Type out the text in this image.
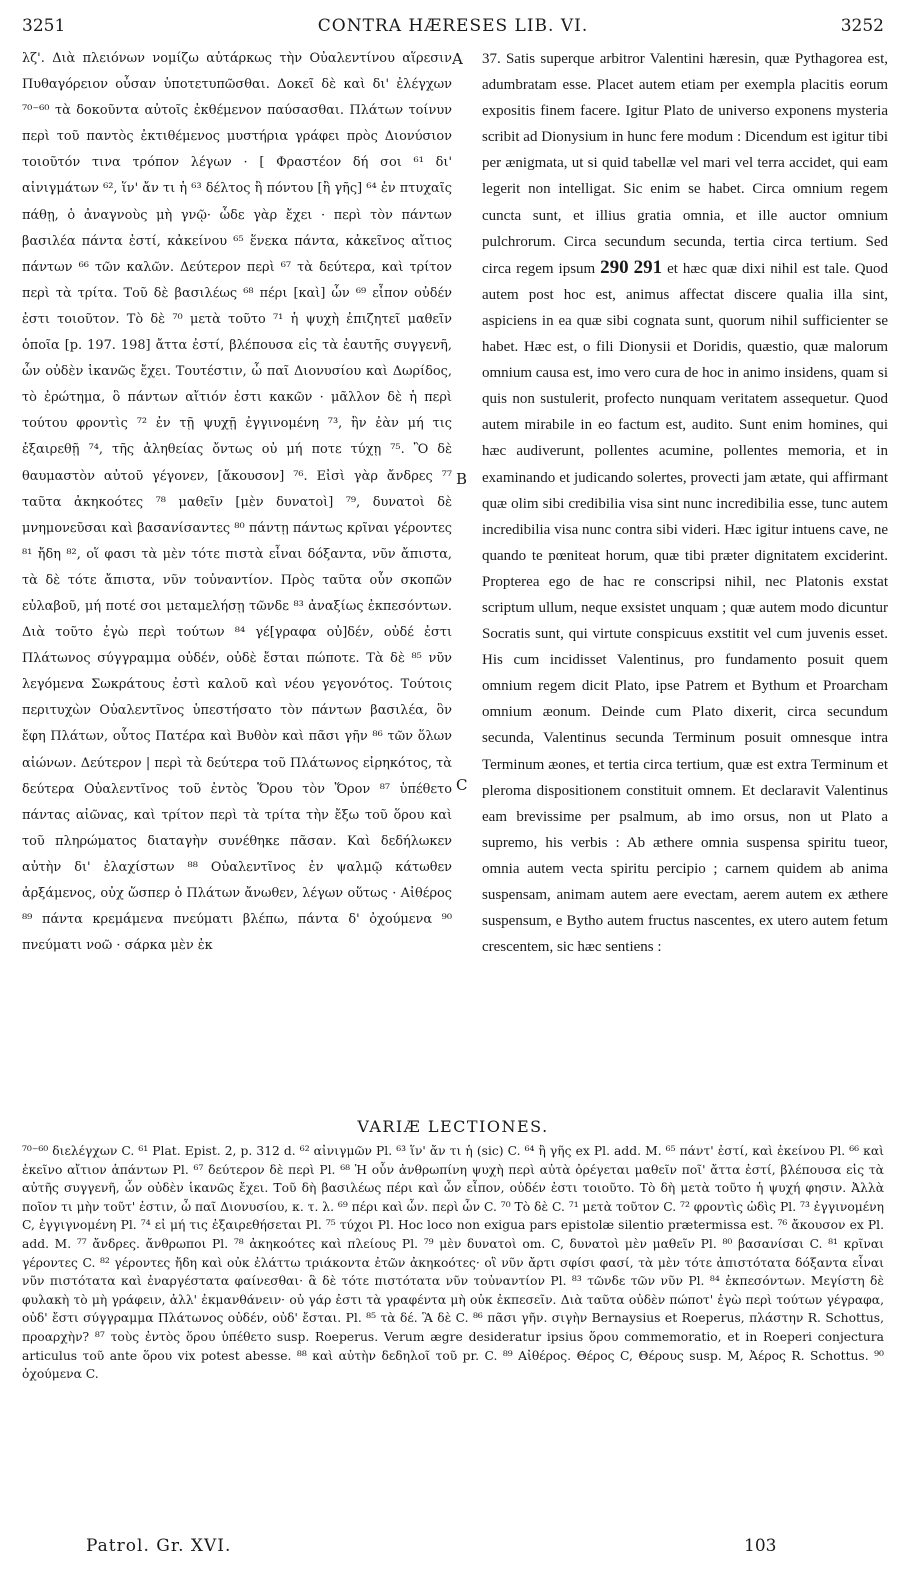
3251	CONTRA HÆRESES LIB. VI.	3252

λζ'. Διὰ πλειόνων νομίζω αὐτάρκως τὴν Οὐαλεντίνου αἵρεσιν Πυθαγόρειον οὖσαν ὑποτετυπῶσθαι. Δοκεῖ δὲ καὶ δι' ἐλέγχων ⁷⁰⁻⁶⁰ τὰ δοκοῦντα αὐτοῖς ἐκθέμενον παύσασθαι. Πλάτων τοίνυν περὶ τοῦ παντὸς ἐκτιθέμενος μυστήρια γράφει πρὸς Διονύσιον τοιοῦτόν τινα τρόπον λέγων · [ Φραστέον δή σοι ⁶¹ δι' αἰνιγμάτων ⁶², ἵν' ἄν τι ἡ ⁶³ δέλτος ἢ πόντου [ἢ γῆς] ⁶⁴ ἐν πτυχαῖς πάθῃ, ὁ ἀναγνοὺς μὴ γνῷ· ὧδε γὰρ ἔχει · περὶ τὸν πάντων βασιλέα πάντα ἐστί, κἀκείνου ⁶⁵ ἕνεκα πάντα, κἀκεῖνος αἴτιος πάντων ⁶⁶ τῶν καλῶν. Δεύτερον περὶ ⁶⁷ τὰ δεύτερα, καὶ τρίτον περὶ τὰ τρίτα. Τοῦ δὲ βασιλέως ⁶⁸ πέρι [καὶ] ὧν ⁶⁹ εἶπον οὐδέν ἐστι τοιοῦτον. Τὸ δὲ ⁷⁰ μετὰ τοῦτο ⁷¹ ἡ ψυχὴ ἐπιζητεῖ μαθεῖν ὁποῖα [p. 197. 198] ἄττα ἐστί, βλέπουσα εἰς τὰ ἑαυτῆς συγγενῆ, ὧν οὐδὲν ἱκανῶς ἔχει. Τουτέστιν, ὦ παῖ Διονυσίου καὶ Δωρίδος, τὸ ἐρώτημα, ὃ πάντων αἴτιόν ἐστι κακῶν · μᾶλλον δὲ ἡ περὶ τούτου φροντὶς ⁷² ἐν τῇ ψυχῇ ἐγγινομένη ⁷³, ἣν ἐὰν μή τις ἐξαιρεθῇ ⁷⁴, τῆς ἀληθείας ὄντως οὐ μή ποτε τύχῃ ⁷⁵. Ὃ δὲ θαυμαστὸν αὐτοῦ γέγονεν, [ἄκουσον] ⁷⁶. Εἰσὶ γὰρ ἄνδρες ⁷⁷ ταῦτα ἀκηκοότες ⁷⁸ μαθεῖν [μὲν δυνατοὶ] ⁷⁹, δυνατοὶ δὲ μνημονεῦσαι καὶ βασανίσαντες ⁸⁰ πάντῃ πάντως κρῖναι γέροντες ⁸¹ ἤδη ⁸², οἵ φασι τὰ μὲν τότε πιστὰ εἶναι δόξαντα, νῦν ἄπιστα, τὰ δὲ τότε ἄπιστα, νῦν τοὐναντίον. Πρὸς ταῦτα οὖν σκοπῶν εὐλαβοῦ, μή ποτέ σοι μεταμελήσῃ τῶνδε ⁸³ ἀναξίως ἐκπεσόντων. Διὰ τοῦτο ἐγὼ περὶ τούτων ⁸⁴ γέ[γραφα οὐ]δέν, οὐδέ ἐστι Πλάτωνος σύγγραμμα οὐδέν, οὐδὲ ἔσται πώποτε. Τὰ δὲ ⁸⁵ νῦν λεγόμενα Σωκράτους ἐστὶ καλοῦ καὶ νέου γεγονότος. Τούτοις περιτυχὼν Οὐαλεντῖνος ὑπεστήσατο τὸν πάντων βασιλέα, ὃν ἔφη Πλάτων, οὗτος Πατέρα καὶ Βυθὸν καὶ πᾶσι γῆν ⁸⁶ τῶν ὅλων αἰώνων. Δεύτερον | περὶ τὰ δεύτερα τοῦ Πλάτωνος εἰρηκότος, τὰ δεύτερα Οὐαλεντῖνος τοῦ ἐντὸς Ὅρου τὸν Ὅρον ⁸⁷ ὑπέθετο πάντας αἰῶνας, καὶ τρίτον περὶ τὰ τρίτα τὴν ἔξω τοῦ ὅρου καὶ τοῦ πληρώματος διαταγὴν συνέθηκε πᾶσαν. Καὶ δεδήλωκεν αὐτὴν δι' ἐλαχίστων ⁸⁸ Οὐαλεντῖνος ἐν ψαλμῷ κάτωθεν ἀρξάμενος, οὐχ ὥσπερ ὁ Πλάτων ἄνωθεν, λέγων οὕτως · Αἰθέρος ⁸⁹ πάντα κρεμάμενα πνεύματι βλέπω, πάντα δ' ὀχούμενα ⁹⁰ πνεύματι νοῶ · σάρκα μὲν ἐκ

A
B
C

37. Satis superque arbitror Valentini hæresin, quæ Pythagorea est, adumbratam esse. Placet autem etiam per exempla placitis eorum expositis finem facere. Igitur Plato de universo exponens mysteria scribit ad Dionysium in hunc fere modum : Dicendum est igitur tibi per ænigmata, ut si quid tabellæ vel mari vel terra accidet, qui eam legerit non intelligat. Sic enim se habet. Circa omnium regem cuncta sunt, et illius gratia omnia, et ille auctor omnium pulchrorum. Circa secundum secunda, tertia circa tertium. Sed circa regem ipsum 290 291 et hæc quæ dixi nihil est tale. Quod autem post hoc est, animus affectat discere qualia illa sint, aspiciens in ea quæ sibi cognata sunt, quorum nihil sufficienter se habet. Hæc est, o fili Dionysii et Doridis, quæstio, quæ malorum omnium causa est, imo vero cura de hoc in animo insidens, quam si quis non sustulerit, profecto nunquam veritatem assequetur. Quod autem mirabile in eo factum est, audito. Sunt enim homines, qui hæc audiverunt, pollentes acumine, pollentes memoria, et in examinando et judicando solertes, provecti jam ætate, qui affirmant quæ olim sibi credibilia visa sint nunc incredibilia esse, tunc autem incredibilia visa nunc contra sibi videri. Hæc igitur intuens cave, ne quando te pœniteat horum, quæ tibi præter dignitatem exciderint. Propterea ego de hac re conscripsi nihil, nec Platonis exstat scriptum ullum, neque exsistet unquam ; quæ autem modo dicuntur Socratis sunt, qui virtute conspicuus exstitit vel cum juvenis esset. His cum incidisset Valentinus, pro fundamento posuit quem omnium regem dicit Plato, ipse Patrem et Bythum et Proarcham omnium æonum. Deinde cum Plato dixerit, circa secundum secunda, Valentinus secunda Terminum posuit omnesque intra Terminum æones, et tertia circa tertium, quæ est extra Terminum et pleroma dispositionem constituit omnem. Et declaravit Valentinus eam brevissime per psalmum, ab imo orsus, non ut Plato a supremo, his verbis : Ab æthere omnia suspensa spiritu tueor, omnia autem vecta spiritu percipio ; carnem quidem ab anima suspensam, animam autem aere evectam, aerem autem ex æthere suspensum, e Bytho autem fructus nascentes, ex utero autem fetum crescentem, sic hæc sentiens :

VARIÆ LECTIONES.

⁷⁰⁻⁶⁰ διελέγχων C. ⁶¹ Plat. Epist. 2, p. 312 d. ⁶² αἰνιγμῶν Pl. ⁶³ ἵν' ἄν τι ἡ (sic) C. ⁶⁴ ἢ γῆς ex Pl. add. M. ⁶⁵ πάντ' ἐστί, καὶ ἐκείνου Pl. ⁶⁶ καὶ ἐκεῖνο αἴτιον ἁπάντων Pl. ⁶⁷ δεύτερον δὲ περὶ Pl. ⁶⁸ Ἡ οὖν ἀνθρωπίνη ψυχὴ περὶ αὐτὰ ὀρέγεται μαθεῖν ποῖ' ἄττα ἐστί, βλέπουσα εἰς τὰ αὐτῆς συγγενῆ, ὧν οὐδὲν ἱκανῶς ἔχει. Τοῦ δὴ βασιλέως πέρι καὶ ὧν εἶπον, οὐδέν ἐστι τοιοῦτο. Τὸ δὴ μετὰ τοῦτο ἡ ψυχή φησιν. Ἀλλὰ ποῖον τι μὴν τοῦτ' ἐστιν, ὦ παῖ Διονυσίου, κ. τ. λ. ⁶⁹ πέρι καὶ ὧν. περὶ ὧν C. ⁷⁰ Τὸ δὲ C. ⁷¹ μετὰ τοῦτον C. ⁷² φροντὶς ὠδὶς Pl. ⁷³ ἐγγινομένη C, ἐγγιγνομένη Pl. ⁷⁴ εἰ μή τις ἐξαιρεθήσεται Pl. ⁷⁵ τύχοι Pl. Hoc loco non exigua pars epistolæ silentio prætermissa est. ⁷⁶ ἄκουσον ex Pl. add. M. ⁷⁷ ἄνδρες. ἄνθρωποι Pl. ⁷⁸ ἀκηκοότες καὶ πλείους Pl. ⁷⁹ μὲν δυνατοὶ om. C, δυνατοὶ μὲν μαθεῖν Pl. ⁸⁰ βασανίσαι C. ⁸¹ κρῖναι γέροντες C. ⁸² γέροντες ἤδη καὶ οὐκ ἐλάττω τριάκοντα ἐτῶν ἀκηκοότες· οἳ νῦν ἄρτι σφίσι φασί, τὰ μὲν τότε ἀπιστότατα δόξαντα εἶναι νῦν πιστότατα καὶ ἐναργέστατα φαίνεσθαι· ἃ δὲ τότε πιστότατα νῦν τοὐναντίον Pl. ⁸³ τῶνδε τῶν νῦν Pl. ⁸⁴ ἐκπεσόντων. Μεγίστη δὲ φυλακὴ τὸ μὴ γράφειν, ἀλλ' ἐκμανθάνειν· οὐ γάρ ἐστι τὰ γραφέντα μὴ οὐκ ἐκπεσεῖν. Διὰ ταῦτα οὐδὲν πώποτ' ἐγὼ περὶ τούτων γέγραφα, οὐδ' ἔστι σύγγραμμα Πλάτωνος οὐδέν, οὐδ' ἔσται. Pl. ⁸⁵ τὰ δέ. Ἃ δὲ C. ⁸⁶ πᾶσι γῆν. σιγὴν Bernaysius et Roeperus, πλάστην R. Schottus, προαρχὴν? ⁸⁷ τοὺς ἐντὸς ὅρου ὑπέθετο susp. Roeperus. Verum ægre desideratur ipsius ὅρου commemoratio, et in Roeperi conjectura articulus τοῦ ante ὅρου vix potest abesse. ⁸⁸ καὶ αὐτὴν δεδηλοῖ τοῦ pr. C. ⁸⁹ Αἰθέρος. Θέρος C, Θέρους susp. M, Ἀέρος R. Schottus. ⁹⁰ ὀχούμενα C.

Patrol. Gr. XVI.	103
